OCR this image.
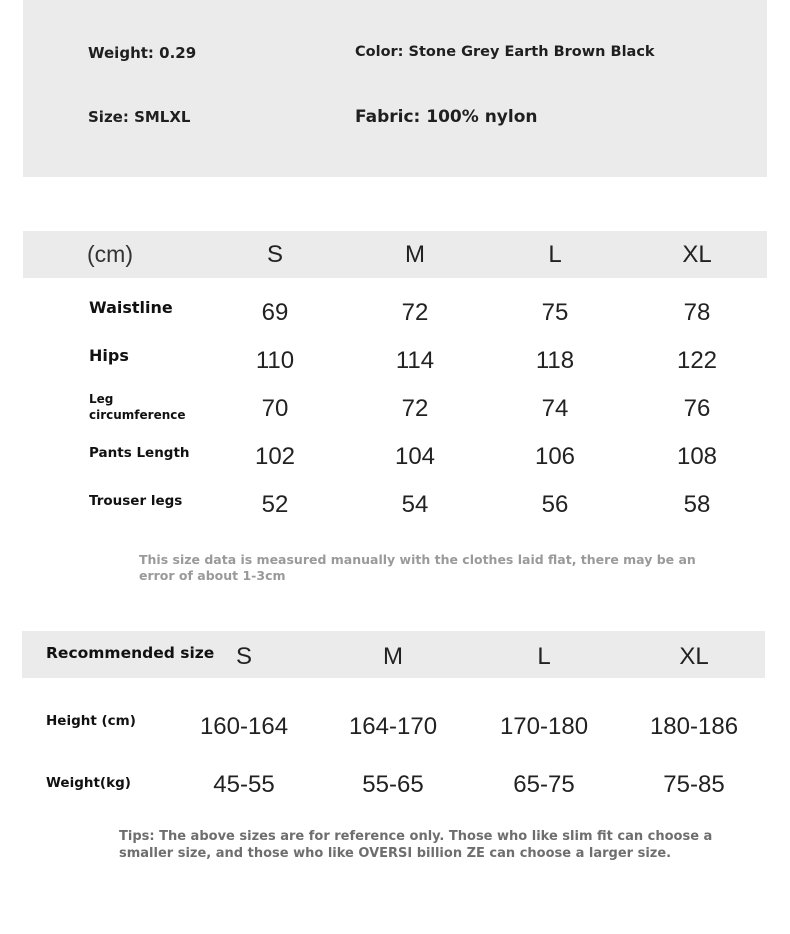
Weight: 0.29	Color: Stone Grey Earth Brown Black
Size: SMLXL	Fabric: 100% nylon
(cm)	S	M	L	XL
Waistline	69	72	75	78
Hips	110	114	118	122
Leg
circumference	70	72	74	76
Pants Length	102	104	106	108
Trouser legs	52	54	56	58
This size data is measured manually with the clothes laid flat, there may be an
error of about 1-3cm
Recommended size S	M	L	XL
Height (cm)	160-164	164-170	170-180	180-186
Weight(kg)	45-55	55-65	65-75	75-85
Tips: The above sizes are for reference only. Those who like slim fit can choose a
smaller size, and those who like OVERSI billion ZE can choose a larger size.
